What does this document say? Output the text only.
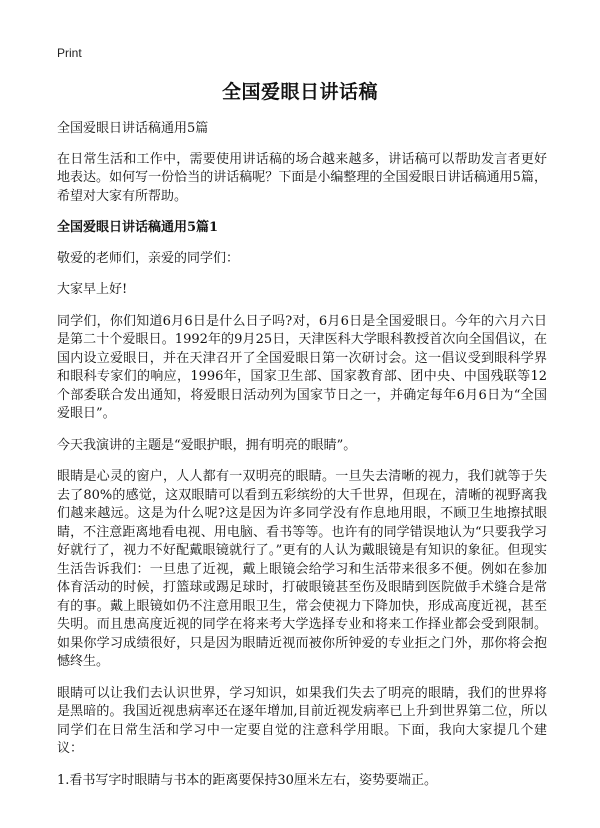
Print
全国爱眼日讲话稿

全国爱眼日讲话稿通用5篇

在日常生活和工作中，需要使用讲话稿的场合越来越多，讲话稿可以帮助发言者更好地表达。如何写一份恰当的讲话稿呢？下面是小编整理的全国爱眼日讲话稿通用5篇，希望对大家有所帮助。

全国爱眼日讲话稿通用5篇1

敬爱的老师们，亲爱的同学们：

大家早上好!

同学们，你们知道6月6日是什么日子吗?对，6月6日是全国爱眼日。今年的六月六日是第二十个爱眼日。1992年的9月25日，天津医科大学眼科教授首次向全国倡议，在国内设立爱眼日，并在天津召开了全国爱眼日第一次研讨会。这一倡议受到眼科学界和眼科专家们的响应，1996年，国家卫生部、国家教育部、团中央、中国残联等12个部委联合发出通知，将爱眼日活动列为国家节日之一，并确定每年6月6日为“全国爱眼日”。

今天我演讲的主题是“爱眼护眼，拥有明亮的眼睛”。

眼睛是心灵的窗户，人人都有一双明亮的眼睛。一旦失去清晰的视力，我们就等于失去了80%的感觉，这双眼睛可以看到五彩缤纷的大千世界，但现在，清晰的视野离我们越来越远。这是为什么呢?这是因为许多同学没有作息地用眼，不顾卫生地擦拭眼睛，不注意距离地看电视、用电脑、看书等等。也许有的同学错误地认为“只要我学习好就行了，视力不好配戴眼镜就行了。”更有的人认为戴眼镜是有知识的象征。但现实生活告诉我们：一旦患了近视，戴上眼镜会给学习和生活带来很多不便。例如在参加体育活动的时候，打篮球或踢足球时，打破眼镜甚至伤及眼睛到医院做手术缝合是常有的事。戴上眼镜如仍不注意用眼卫生，常会使视力下降加快，形成高度近视，甚至失明。而且患高度近视的同学在将来考大学选择专业和将来工作择业都会受到限制。如果你学习成绩很好，只是因为眼睛近视而被你所钟爱的专业拒之门外，那你将会抱憾终生。

眼睛可以让我们去认识世界，学习知识，如果我们失去了明亮的眼睛，我们的世界将是黑暗的。我国近视患病率还在逐年增加,目前近视发病率已上升到世界第二位，所以同学们在日常生活和学习中一定要自觉的注意科学用眼。下面，我向大家提几个建议：

1.看书写字时眼睛与书本的距离要保持30厘米左右，姿势要端正。
